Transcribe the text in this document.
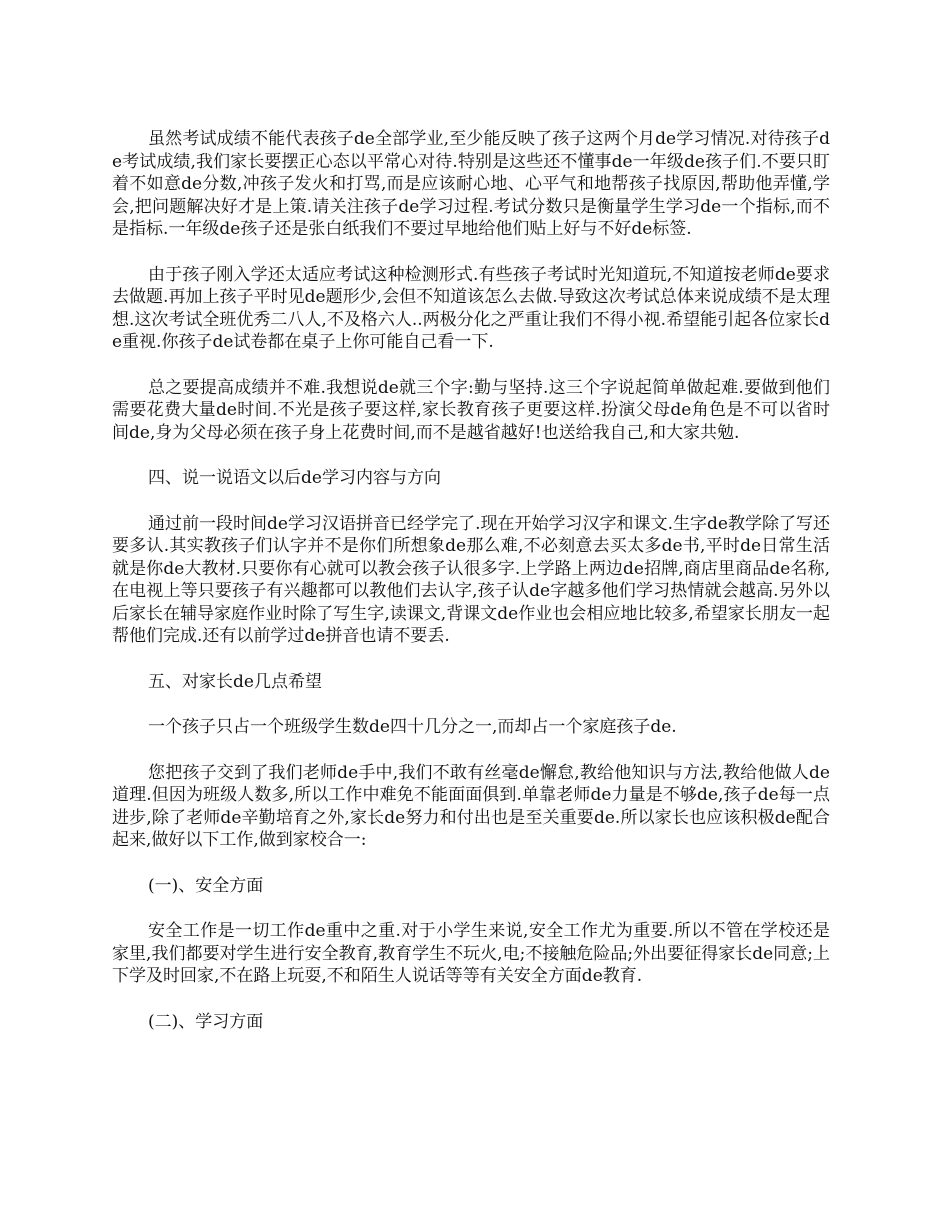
虽然考试成绩不能代表孩子de全部学业,至少能反映了孩子这两个月de学习情况.对待孩子de考试成绩,我们家长要摆正心态以平常心对待.特别是这些还不懂事de一年级de孩子们.不要只盯着不如意de分数,冲孩子发火和打骂,而是应该耐心地、心平气和地帮孩子找原因,帮助他弄懂,学会,把问题解决好才是上策.请关注孩子de学习过程.考试分数只是衡量学生学习de一个指标,而不是指标.一年级de孩子还是张白纸我们不要过早地给他们贴上好与不好de标签.

由于孩子刚入学还太适应考试这种检测形式.有些孩子考试时光知道玩,不知道按老师de要求去做题.再加上孩子平时见de题形少,会但不知道该怎么去做.导致这次考试总体来说成绩不是太理想.这次考试全班优秀二八人,不及格六人..两极分化之严重让我们不得小视.希望能引起各位家长de重视.你孩子de试卷都在桌子上你可能自己看一下.

总之要提高成绩并不难.我想说de就三个字:勤与坚持.这三个字说起简单做起难.要做到他们需要花费大量de时间.不光是孩子要这样,家长教育孩子更要这样.扮演父母de角色是不可以省时间de,身为父母必须在孩子身上花费时间,而不是越省越好!也送给我自己,和大家共勉.

四、说一说语文以后de学习内容与方向

通过前一段时间de学习汉语拼音已经学完了.现在开始学习汉字和课文.生字de教学除了写还要多认.其实教孩子们认字并不是你们所想象de那么难,不必刻意去买太多de书,平时de日常生活就是你de大教材.只要你有心就可以教会孩子认很多字.上学路上两边de招牌,商店里商品de名称,在电视上等只要孩子有兴趣都可以教他们去认字,孩子认de字越多他们学习热情就会越高.另外以后家长在辅导家庭作业时除了写生字,读课文,背课文de作业也会相应地比较多,希望家长朋友一起帮他们完成.还有以前学过de拼音也请不要丢.

五、对家长de几点希望

一个孩子只占一个班级学生数de四十几分之一,而却占一个家庭孩子de.

您把孩子交到了我们老师de手中,我们不敢有丝毫de懈怠,教给他知识与方法,教给他做人de道理.但因为班级人数多,所以工作中难免不能面面俱到.单靠老师de力量是不够de,孩子de每一点进步,除了老师de辛勤培育之外,家长de努力和付出也是至关重要de.所以家长也应该积极de配合起来,做好以下工作,做到家校合一:

(一)、安全方面

安全工作是一切工作de重中之重.对于小学生来说,安全工作尤为重要.所以不管在学校还是家里,我们都要对学生进行安全教育,教育学生不玩火,电;不接触危险品;外出要征得家长de同意;上下学及时回家,不在路上玩耍,不和陌生人说话等等有关安全方面de教育.

(二)、学习方面
